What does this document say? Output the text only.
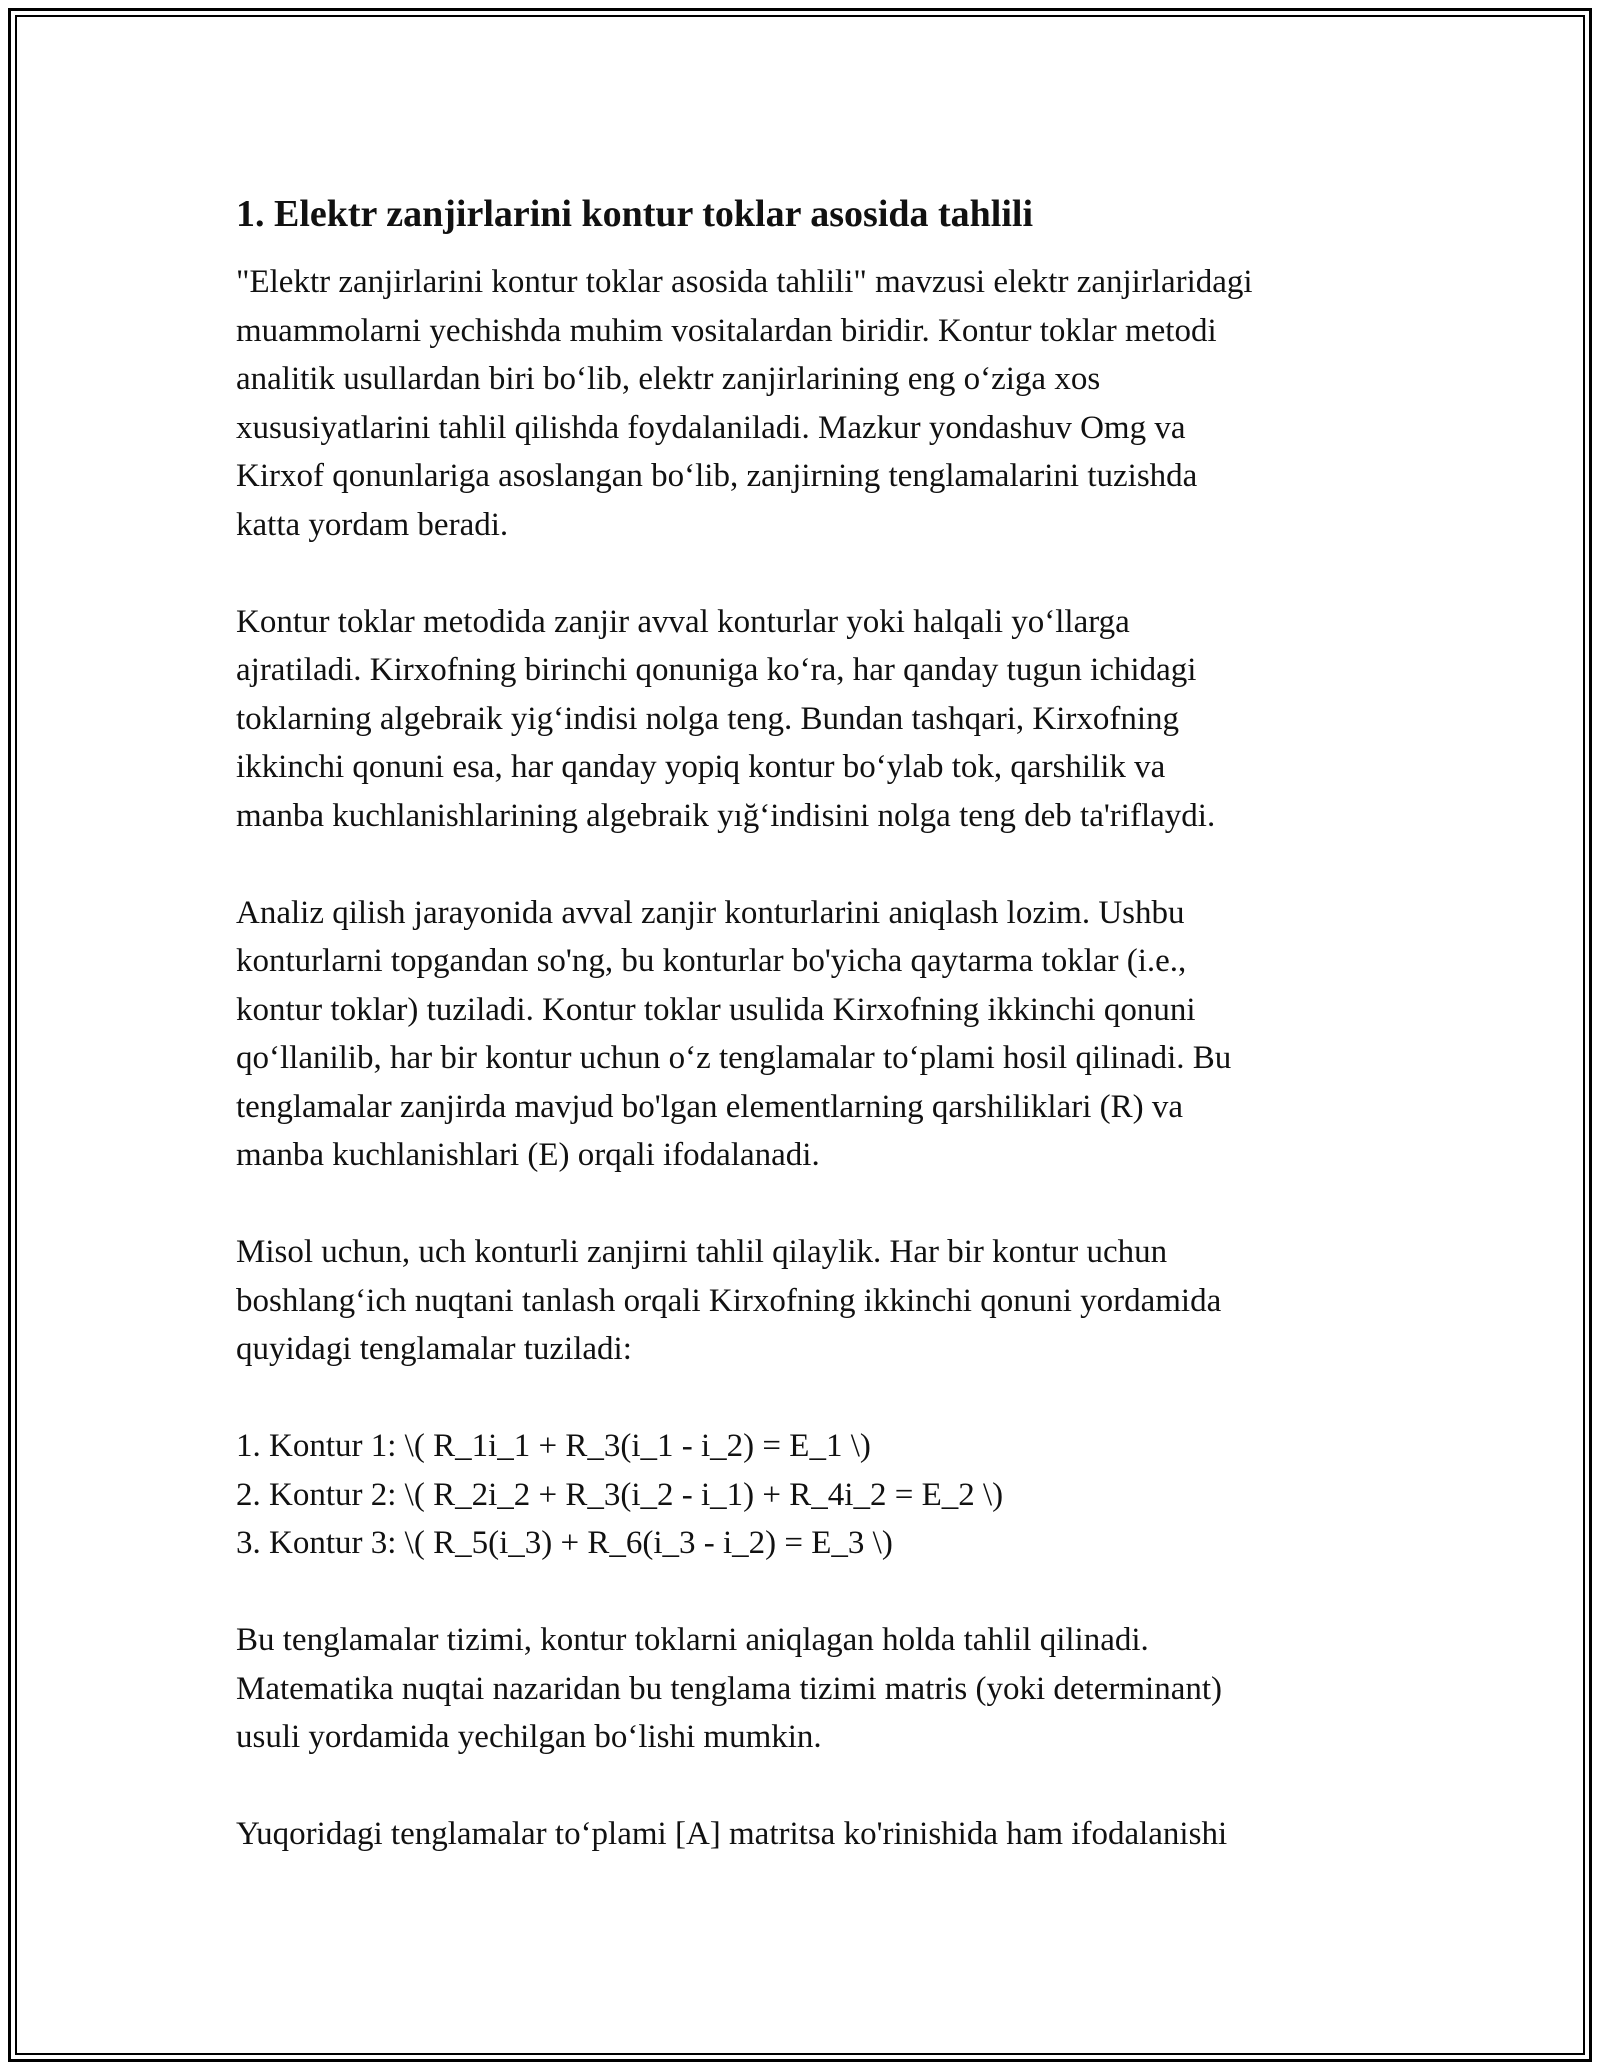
1. Elektr zanjirlarini kontur toklar asosida tahlili

"Elektr zanjirlarini kontur toklar asosida tahlili" mavzusi elektr zanjirlaridagi
muammolarni yechishda muhim vositalardan biridir. Kontur toklar metodi
analitik usullardan biri bo‘lib, elektr zanjirlarining eng o‘ziga xos
xususiyatlarini tahlil qilishda foydalaniladi. Mazkur yondashuv Omg va
Kirxof qonunlariga asoslangan bo‘lib, zanjirning tenglamalarini tuzishda
katta yordam beradi.

Kontur toklar metodida zanjir avval konturlar yoki halqali yo‘llarga
ajratiladi. Kirxofning birinchi qonuniga ko‘ra, har qanday tugun ichidagi
toklarning algebraik yig‘indisi nolga teng. Bundan tashqari, Kirxofning
ikkinchi qonuni esa, har qanday yopiq kontur bo‘ylab tok, qarshilik va
manba kuchlanishlarining algebraik yığ‘indisini nolga teng deb ta'riflaydi.

Analiz qilish jarayonida avval zanjir konturlarini aniqlash lozim. Ushbu
konturlarni topgandan so'ng, bu konturlar bo'yicha qaytarma toklar (i.e.,
kontur toklar) tuziladi. Kontur toklar usulida Kirxofning ikkinchi qonuni
qo‘llanilib, har bir kontur uchun o‘z tenglamalar to‘plami hosil qilinadi. Bu
tenglamalar zanjirda mavjud bo'lgan elementlarning qarshiliklari (R) va
manba kuchlanishlari (E) orqali ifodalanadi.

Misol uchun, uch konturli zanjirni tahlil qilaylik. Har bir kontur uchun
boshlang‘ich nuqtani tanlash orqali Kirxofning ikkinchi qonuni yordamida
quyidagi tenglamalar tuziladi:

1. Kontur 1: \( R_1i_1 + R_3(i_1 - i_2) = E_1 \)
2. Kontur 2: \( R_2i_2 + R_3(i_2 - i_1) + R_4i_2 = E_2 \)
3. Kontur 3: \( R_5(i_3) + R_6(i_3 - i_2) = E_3 \)

Bu tenglamalar tizimi, kontur toklarni aniqlagan holda tahlil qilinadi.
Matematika nuqtai nazaridan bu tenglama tizimi matris (yoki determinant)
usuli yordamida yechilgan bo‘lishi mumkin.

Yuqoridagi tenglamalar to‘plami [A] matritsa ko'rinishida ham ifodalanishi
